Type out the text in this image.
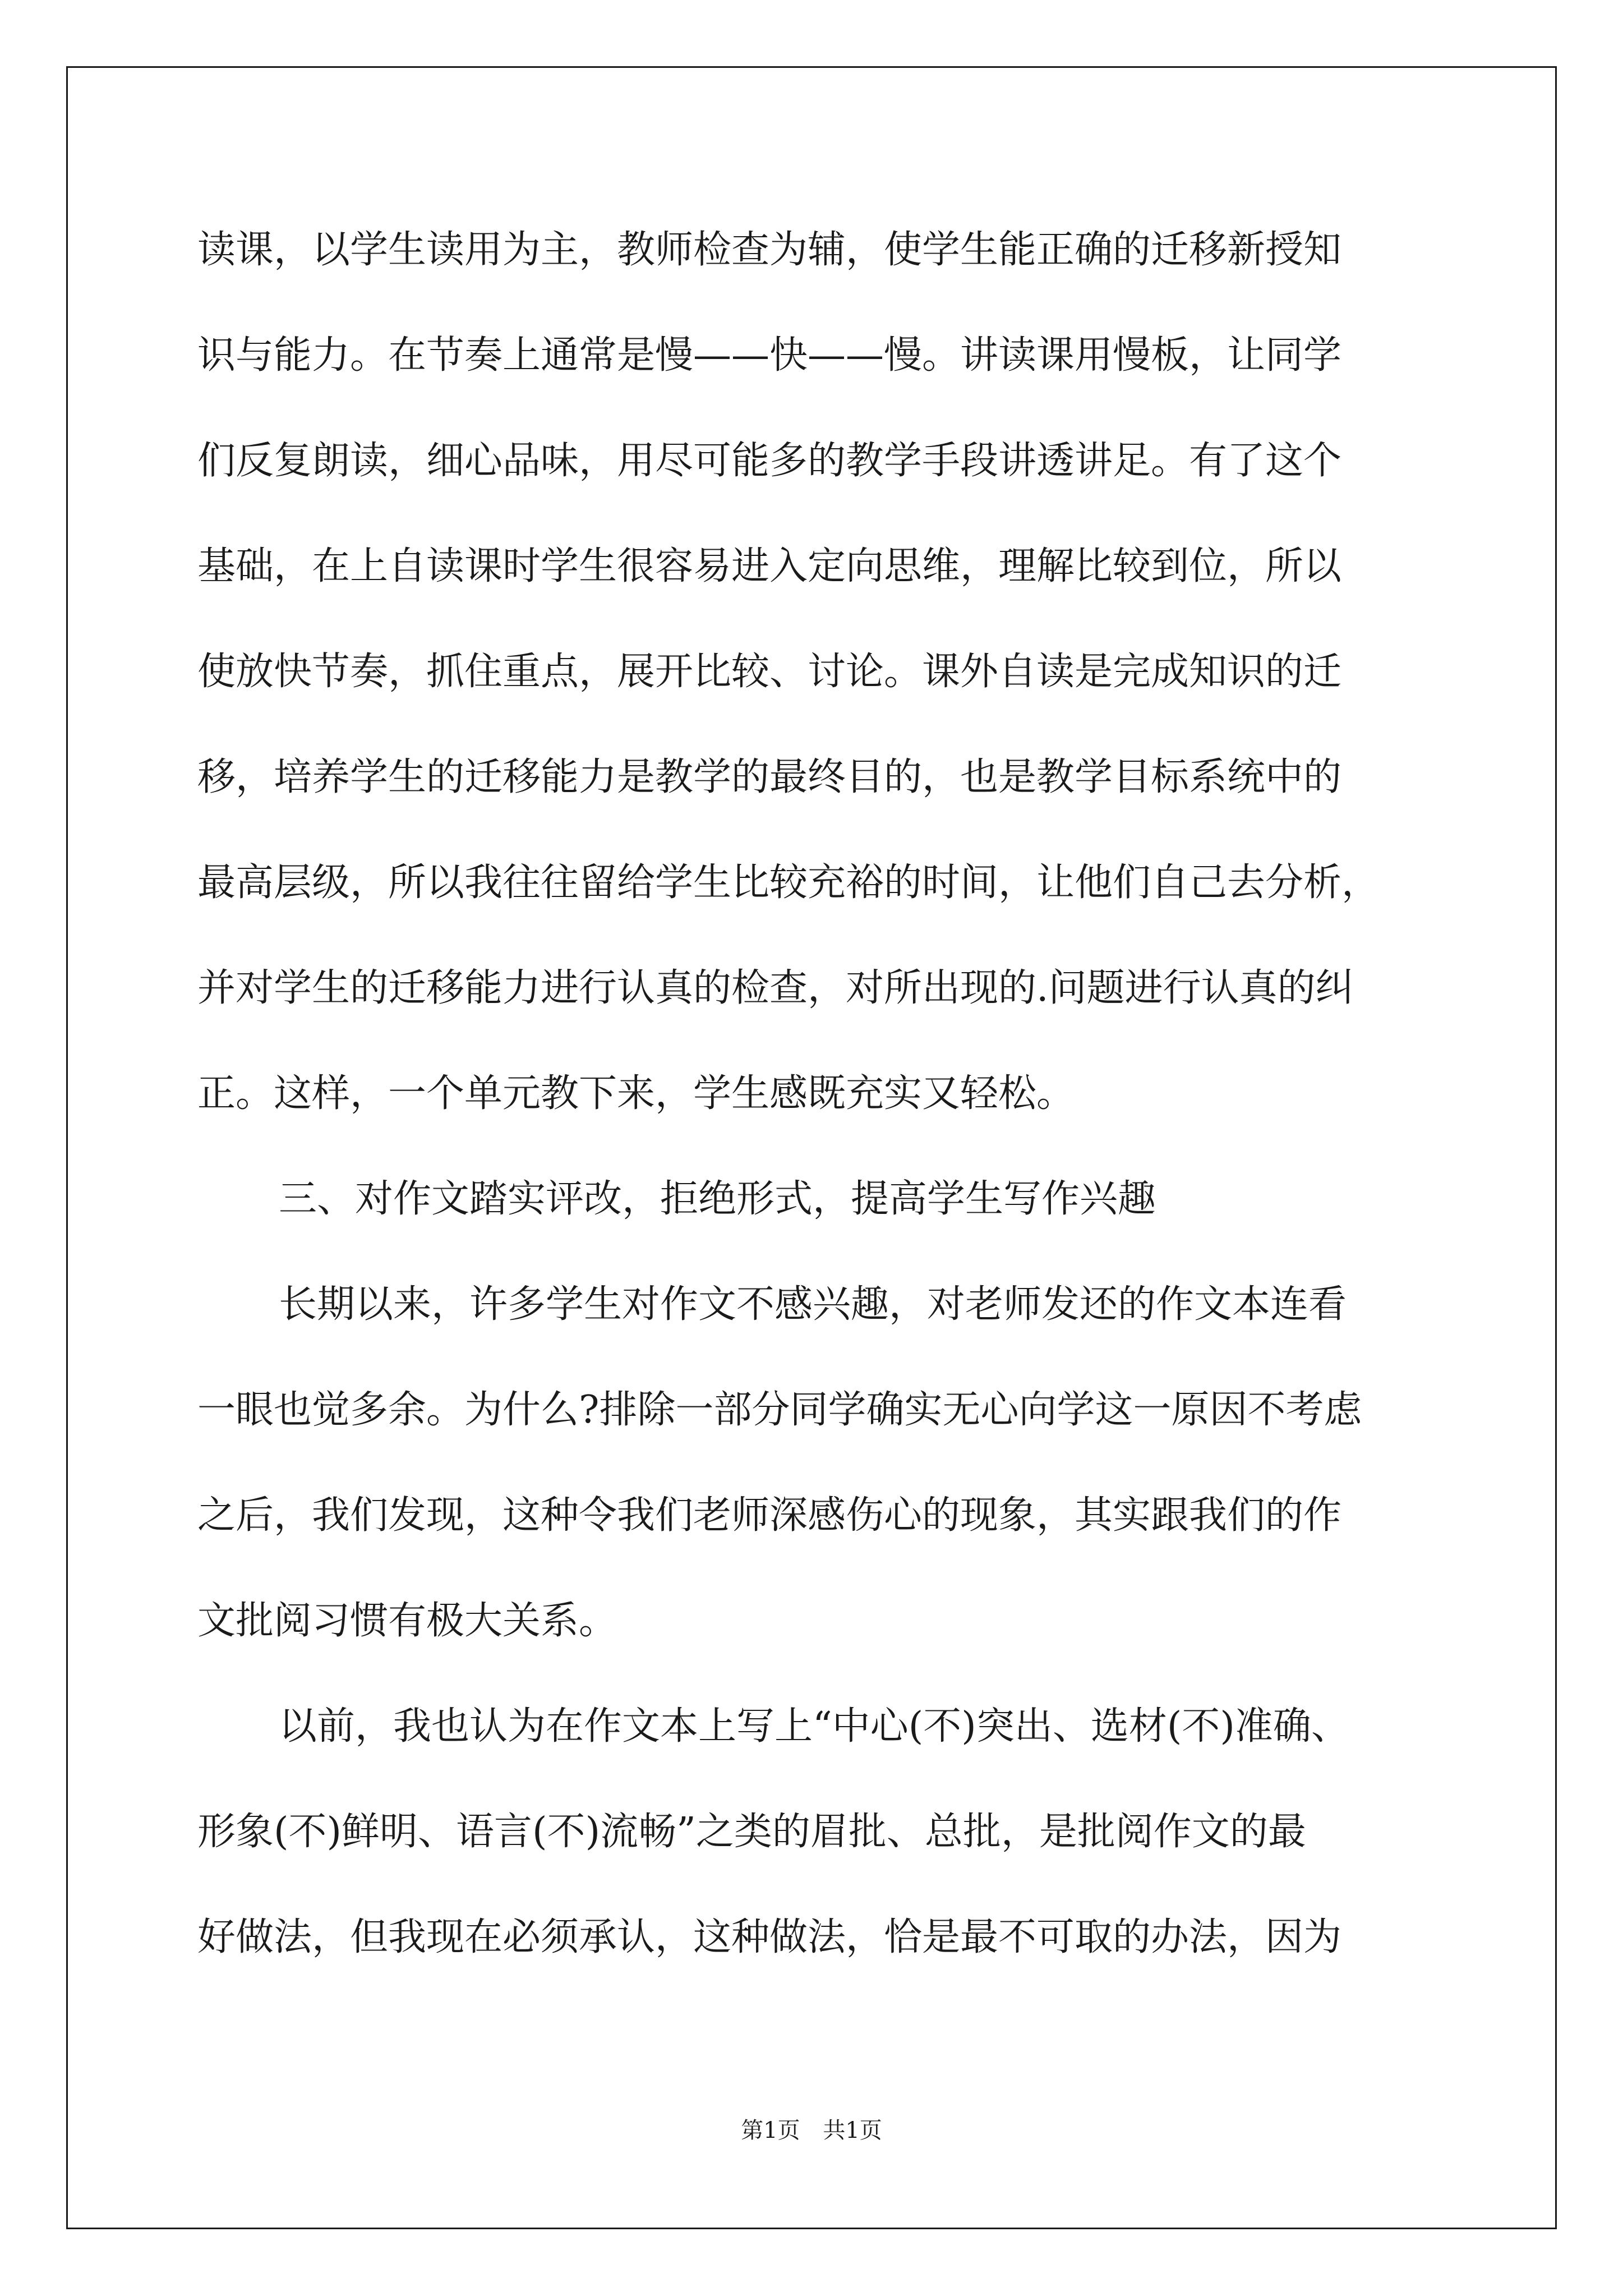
读课，以学生读用为主，教师检查为辅，使学生能正确的迁移新授知
识与能力。在节奏上通常是慢——快——慢。讲读课用慢板，让同学
们反复朗读，细心品味，用尽可能多的教学手段讲透讲足。有了这个
基础，在上自读课时学生很容易进入定向思维，理解比较到位，所以
使放快节奏，抓住重点，展开比较、讨论。课外自读是完成知识的迁
移，培养学生的迁移能力是教学的最终目的，也是教学目标系统中的
最高层级，所以我往往留给学生比较充裕的时间，让他们自己去分析，
并对学生的迁移能力进行认真的检查，对所出现的.问题进行认真的纠
正。这样，一个单元教下来，学生感既充实又轻松。
三、对作文踏实评改，拒绝形式，提高学生写作兴趣
长期以来，许多学生对作文不感兴趣，对老师发还的作文本连看
一眼也觉多余。为什么?排除一部分同学确实无心向学这一原因不考虑
之后，我们发现，这种令我们老师深感伤心的现象，其实跟我们的作
文批阅习惯有极大关系。
以前，我也认为在作文本上写上“中心(不)突出、选材(不)准确、
形象(不)鲜明、语言(不)流畅”之类的眉批、总批，是批阅作文的最
好做法，但我现在必须承认，这种做法，恰是最不可取的办法，因为
第1页 共1页
